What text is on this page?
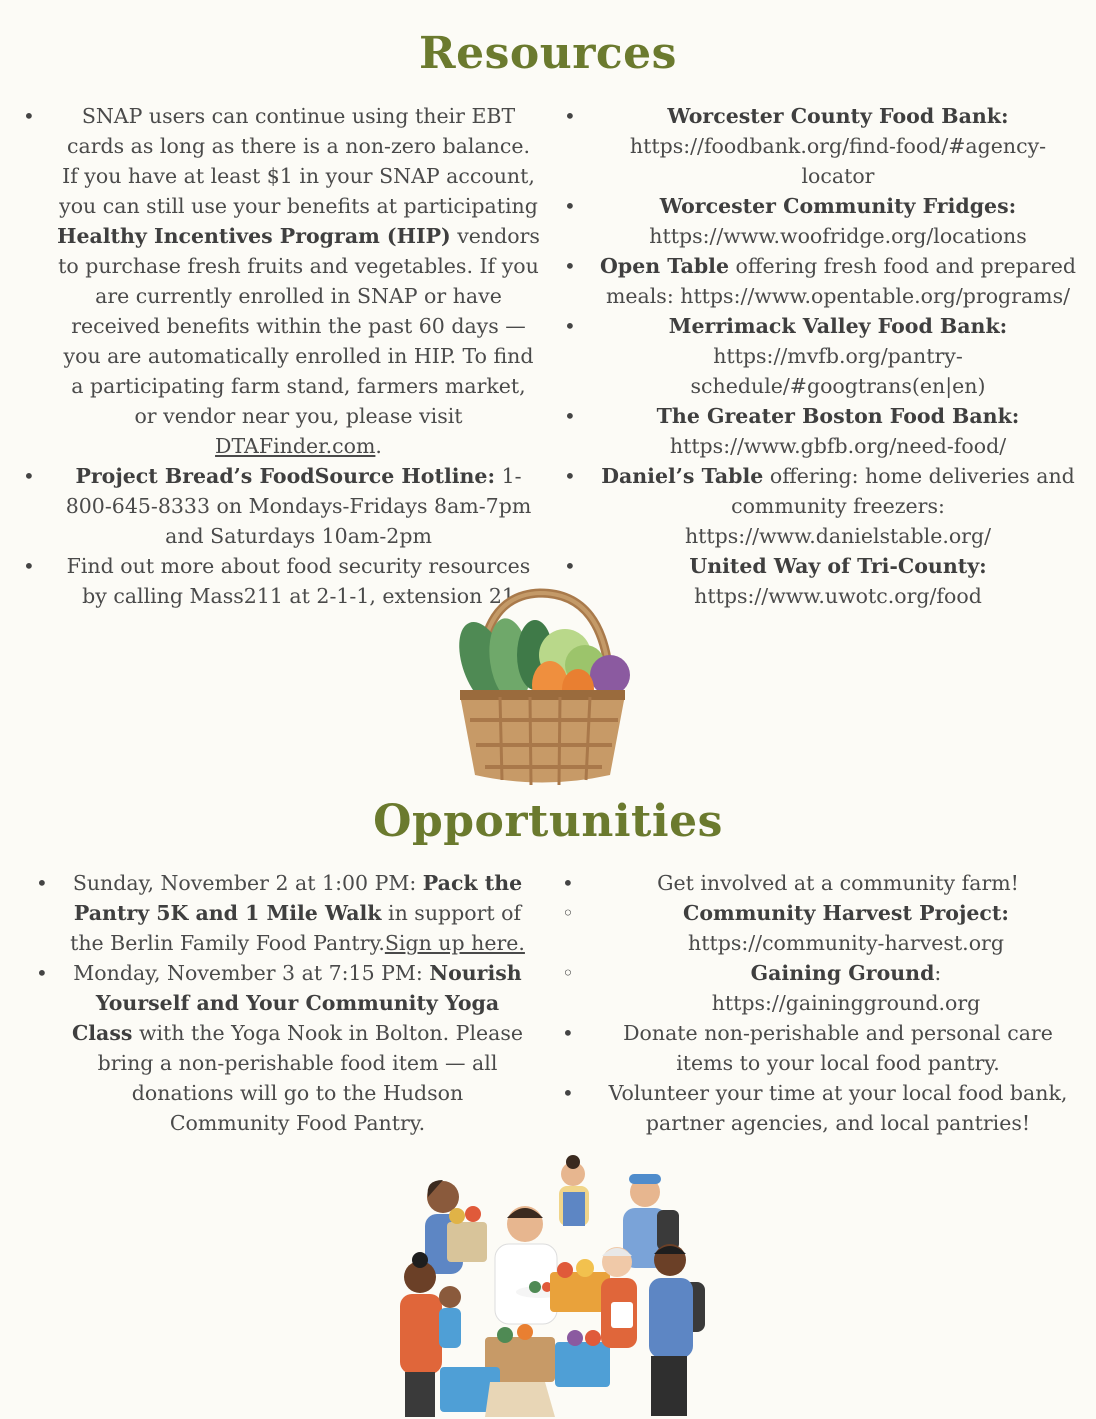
Resources
• SNAP users can continue using their EBT cards as long as there is a non-zero balance. If you have at least $1 in your SNAP account, you can still use your benefits at participating Healthy Incentives Program (HIP) vendors to purchase fresh fruits and vegetables. If you are currently enrolled in SNAP or have received benefits within the past 60 days — you are automatically enrolled in HIP. To find a participating farm stand, farmers market, or vendor near you, please visit DTAFinder.com.
• Project Bread’s FoodSource Hotline: 1-800-645-8333 on Mondays-Fridays 8am-7pm and Saturdays 10am-2pm
• Find out more about food security resources by calling Mass211 at 2-1-1, extension 21
• Worcester County Food Bank:
https://foodbank.org/find-food/#agency-locator
• Worcester Community Fridges:
https://www.woofridge.org/locations
• Open Table offering fresh food and prepared meals: https://www.opentable.org/programs/
• Merrimack Valley Food Bank:
https://mvfb.org/pantry-schedule/#googtrans(en|en)
• The Greater Boston Food Bank:
https://www.gbfb.org/need-food/
• Daniel’s Table offering: home deliveries and community freezers: https://www.danielstable.org/
• United Way of Tri-County:
https://www.uwotc.org/food
Opportunities
• Sunday, November 2 at 1:00 PM: Pack the Pantry 5K and 1 Mile Walk in support of the Berlin Family Food Pantry.Sign up here.
• Monday, November 3 at 7:15 PM: Nourish Yourself and Your Community Yoga Class with the Yoga Nook in Bolton. Please bring a non-perishable food item — all donations will go to the Hudson Community Food Pantry.
• Get involved at a community farm!
◦ Community Harvest Project:
https://community-harvest.org
◦ Gaining Ground:
https://gainingground.org
• Donate non-perishable and personal care items to your local food pantry.
• Volunteer your time at your local food bank, partner agencies, and local pantries!
